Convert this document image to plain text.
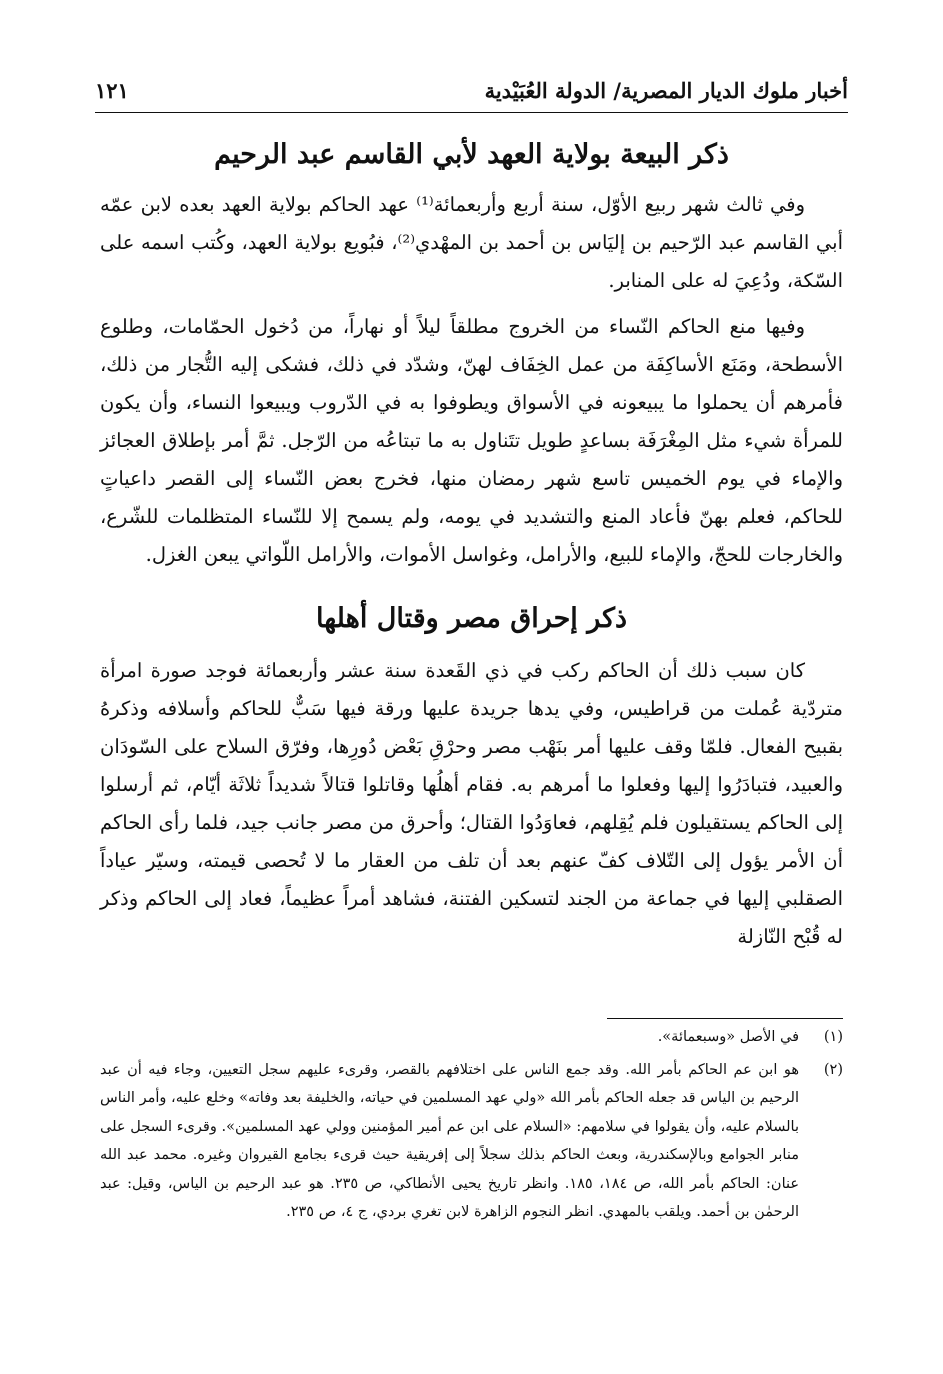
أخبار ملوك الديار المصرية/ الدولة العُبَيْدية
١٢١
ذكر البيعة بولاية العهد لأبي القاسم عبد الرحيم

وفي ثالث شهر ربيع الأوّل، سنة أربع وأربعمائة⁽¹⁾ عهد الحاكم بولاية العهد بعده لابن عمّه أبي القاسم عبد الرّحيم بن إليَاس بن أحمد بن المهْدي⁽²⁾، فبُويع بولاية العهد، وكُتب اسمه على السّكة، ودُعِيَ له على المنابر.

وفيها منع الحاكم النّساء من الخروج مطلقاً ليلاً أو نهاراً، من دُخول الحمّامات، وطلوع الأسطحة، ومَنَع الأساكِفَة من عمل الخِفَاف لهنّ، وشدّد في ذلك، فشكى إليه التُّجار من ذلك، فأمرهم أن يحملوا ما يبيعونه في الأسواق ويطوفوا به في الدّروب ويبيعوا النساء، وأن يكون للمرأة شيء مثل المِغْرَفَة بساعدٍ طويل تتَناول به ما تبتاعُه من الرّجل. ثمَّ أمر بإطلاق العجائز والإماء في يوم الخميس تاسع شهر رمضان منها، فخرج بعض النّساء إلى القصر داعياتٍ للحاكم، فعلم بهنّ فأعاد المنع والتشديد في يومه، ولم يسمح إلا للنّساء المتظلمات للشّرع، والخارجات للحجّ، والإماء للبيع، والأرامل، وغواسل الأموات، والأرامل اللّواتي يبعن الغزل.

ذكر إحراق مصر وقتال أهلها

كان سبب ذلك أن الحاكم ركب في ذي القَعدة سنة عشر وأربعمائة فوجد صورة امرأة متردّية عُملت من قراطيس، وفي يدها جريدة عليها ورقة فيها سَبٌّ للحاكم وأسلافه وذكرهُ بقبيح الفعال. فلمّا وقف عليها أمر بنَهْب مصر وحرْقِ بَعْض دُورِها، وفرّق السلاح على السّودَان والعبيد، فتبادَرُوا إليها وفعلوا ما أمرهم به. فقام أهلُها وقاتلوا قتالاً شديداً ثلاثَة أيّام، ثم أرسلوا إلى الحاكم يستقيلون فلم يُقِلهم، فعاوَدُوا القتال؛ وأحرق من مصر جانب جيد، فلما رأى الحاكم أن الأمر يؤول إلى التّلاف كفّ عنهم بعد أن تلف من العقار ما لا تُحصى قيمته، وسيّر عياداً الصقلبي إليها في جماعة من الجند لتسكين الفتنة، فشاهد أمراً عظيماً، فعاد إلى الحاكم وذكر له قُبْح النّازلة

(١)
في الأصل «وسبعمائة».
(٢)
هو ابن عم الحاكم بأمر الله. وقد جمع الناس على اختلافهم بالقصر، وقرىء عليهم سجل التعيين، وجاء فيه أن عبد الرحيم بن الياس قد جعله الحاكم بأمر الله «ولي عهد المسلمين في حياته، والخليفة بعد وفاته» وخلع عليه، وأمر الناس بالسلام عليه، وأن يقولوا في سلامهم: «السلام على ابن عم أمير المؤمنين وولي عهد المسلمين». وقرىء السجل على منابر الجوامع وبالإسكندرية، وبعث الحاكم بذلك سجلاً إلى إفريقية حيث قرىء بجامع القيروان وغيره. محمد عبد الله عنان: الحاكم بأمر الله، ص ١٨٤، ١٨٥. وانظر تاريخ يحيى الأنطاكي، ص ٢٣٥. هو عبد الرحيم بن الياس، وقيل: عبد الرحمٰن بن أحمد. ويلقب بالمهدي. انظر النجوم الزاهرة لابن تغري بردي، ج ٤، ص ٢٣٥.
